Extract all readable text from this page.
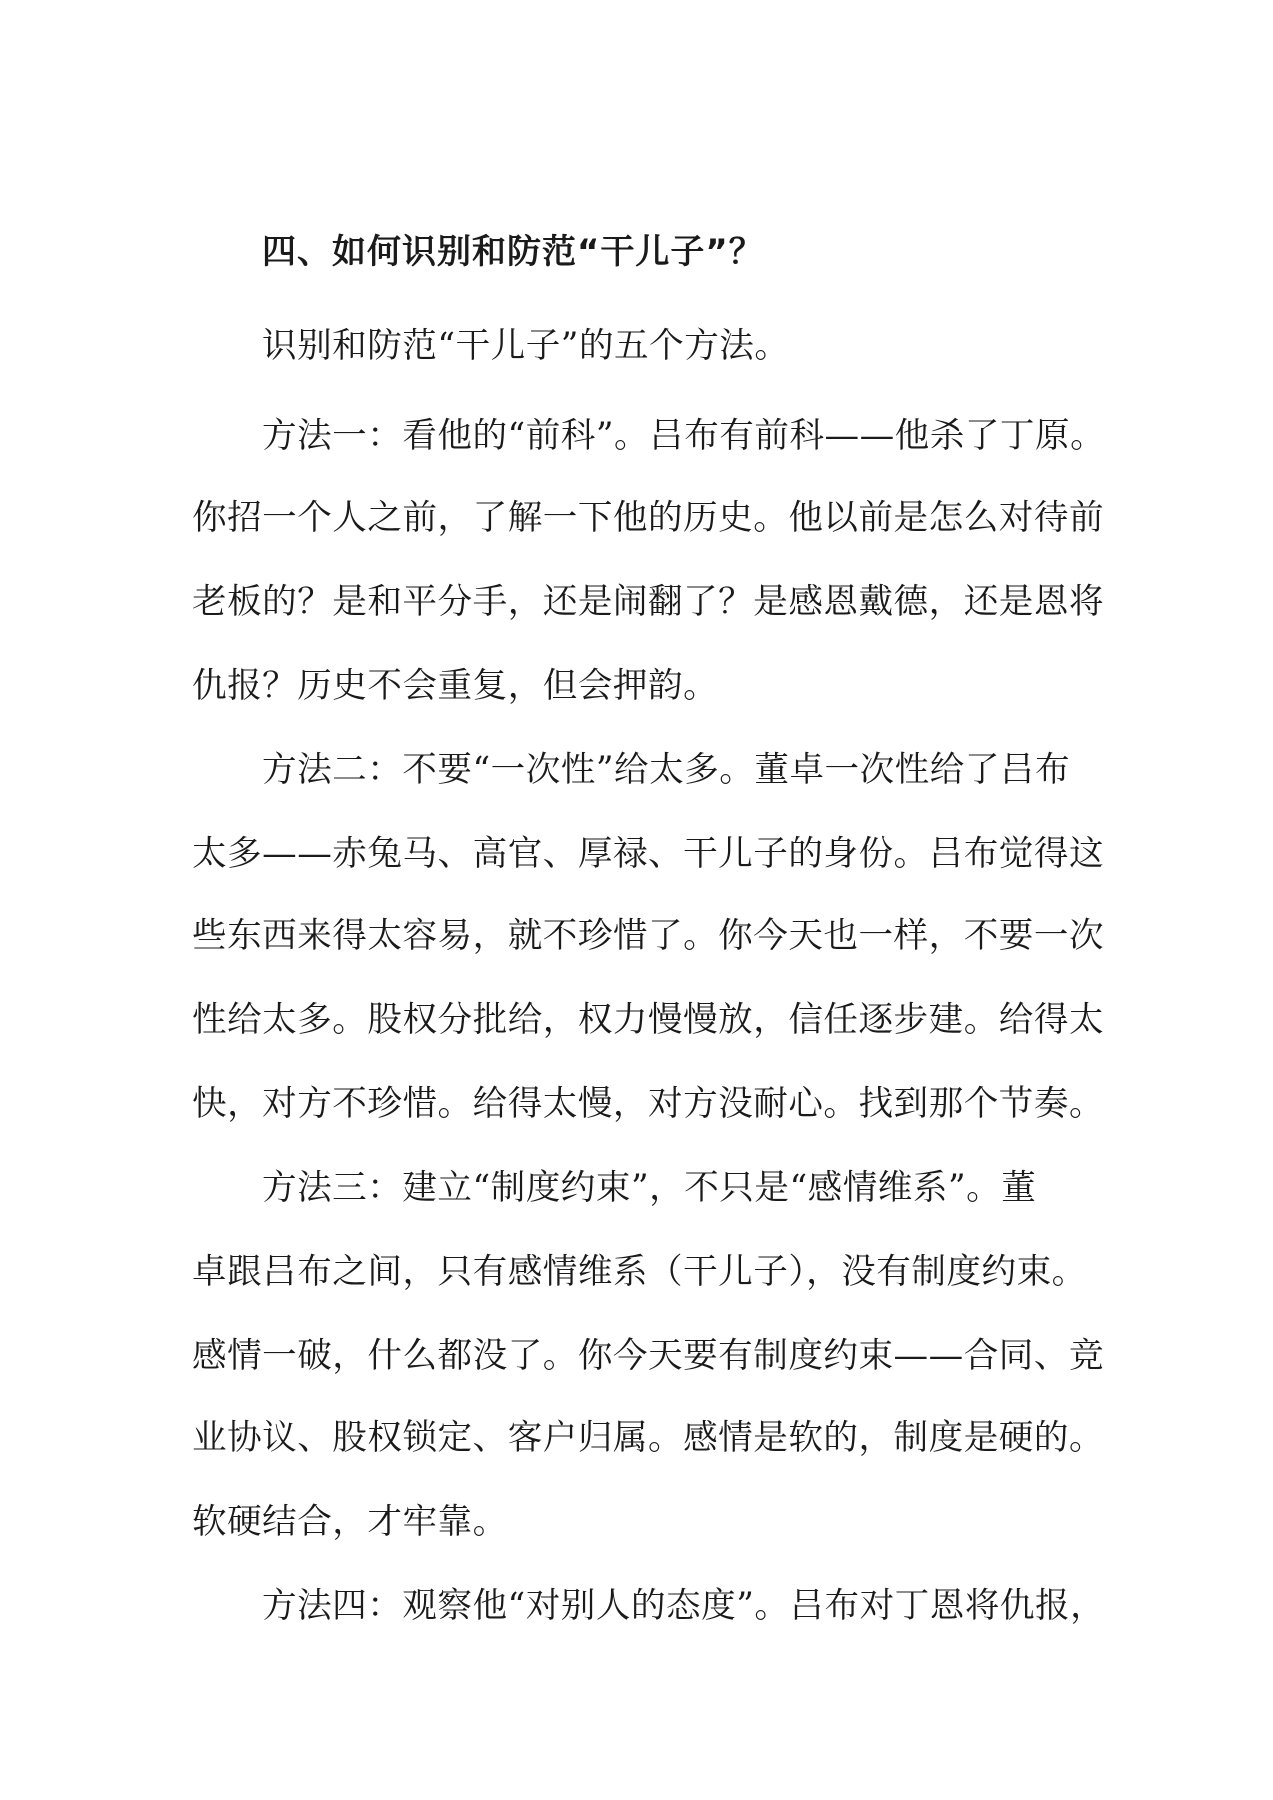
四、如何识别和防范“干儿子”？
识别和防范“干儿子”的五个方法。
方法一：看他的“前科”。吕布有前科——他杀了丁原。
你招一个人之前，了解一下他的历史。他以前是怎么对待前
老板的？是和平分手，还是闹翻了？是感恩戴德，还是恩将
仇报？历史不会重复，但会押韵。
方法二：不要“一次性”给太多。董卓一次性给了吕布
太多——赤兔马、高官、厚禄、干儿子的身份。吕布觉得这
些东西来得太容易，就不珍惜了。你今天也一样，不要一次
性给太多。股权分批给，权力慢慢放，信任逐步建。给得太
快，对方不珍惜。给得太慢，对方没耐心。找到那个节奏。
方法三：建立“制度约束”，不只是“感情维系”。董
卓跟吕布之间，只有感情维系（干儿子），没有制度约束。
感情一破，什么都没了。你今天要有制度约束——合同、竞
业协议、股权锁定、客户归属。感情是软的，制度是硬的。
软硬结合，才牢靠。
方法四：观察他“对别人的态度”。吕布对丁恩将仇报，
